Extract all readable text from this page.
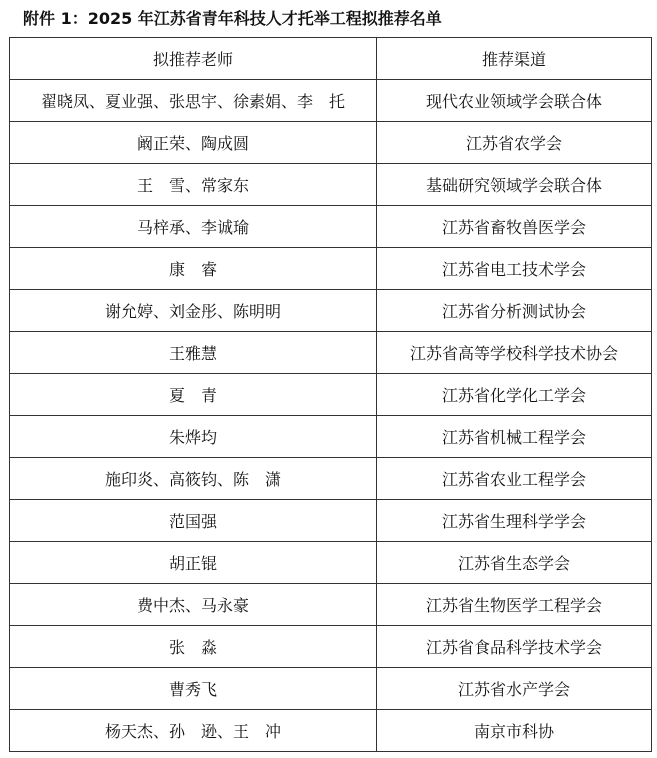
附件 1：2025 年江苏省青年科技人才托举工程拟推荐名单
拟推荐老师	推荐渠道
翟晓凤、夏业强、张思宇、徐素娟、李　托	现代农业领域学会联合体
阚正荣、陶成圆	江苏省农学会
王　雪、常家东	基础研究领域学会联合体
马梓承、李诚瑜	江苏省畜牧兽医学会
康　睿	江苏省电工技术学会
谢允婷、刘金彤、陈明明	江苏省分析测试协会
王雅慧	江苏省高等学校科学技术协会
夏　青	江苏省化学化工学会
朱烨均	江苏省机械工程学会
施印炎、高筱钧、陈　潇	江苏省农业工程学会
范国强	江苏省生理科学学会
胡正锟	江苏省生态学会
费中杰、马永豪	江苏省生物医学工程学会
张　淼	江苏省食品科学技术学会
曹秀飞	江苏省水产学会
杨天杰、孙　逊、王　冲	南京市科协
